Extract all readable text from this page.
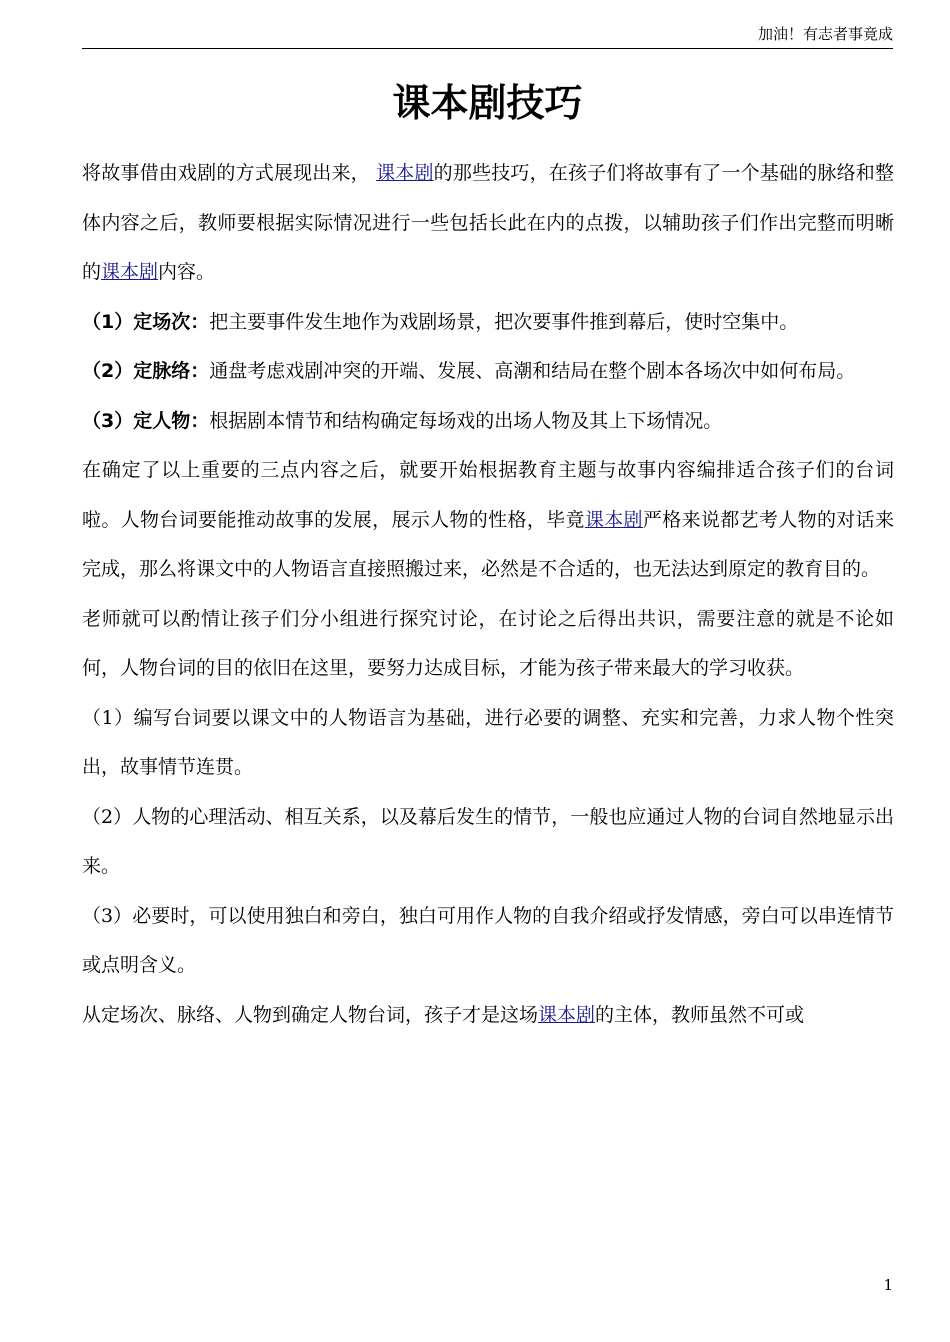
加油！有志者事竟成
课本剧技巧

将故事借由戏剧的方式展现出来， 课本剧的那些技巧，在孩子们将故事有了一个基础的脉络和整体内容之后，教师要根据实际情况进行一些包括长此在内的点拨，以辅助孩子们作出完整而明晰的课本剧内容。

（1）定场次：把主要事件发生地作为戏剧场景，把次要事件推到幕后，使时空集中。

（2）定脉络：通盘考虑戏剧冲突的开端、发展、高潮和结局在整个剧本各场次中如何布局。

（3）定人物：根据剧本情节和结构确定每场戏的出场人物及其上下场情况。

在确定了以上重要的三点内容之后，就要开始根据教育主题与故事内容编排适合孩子们的台词啦。人物台词要能推动故事的发展，展示人物的性格，毕竟课本剧严格来说都艺考人物的对话来完成，那么将课文中的人物语言直接照搬过来，必然是不合适的，也无法达到原定的教育目的。

老师就可以酌情让孩子们分小组进行探究讨论，在讨论之后得出共识，需要注意的就是不论如何，人物台词的目的依旧在这里，要努力达成目标，才能为孩子带来最大的学习收获。

（1）编写台词要以课文中的人物语言为基础，进行必要的调整、充实和完善，力求人物个性突出，故事情节连贯。

（2）人物的心理活动、相互关系，以及幕后发生的情节，一般也应通过人物的台词自然地显示出来。

（3）必要时，可以使用独白和旁白，独白可用作人物的自我介绍或抒发情感，旁白可以串连情节或点明含义。

从定场次、脉络、人物到确定人物台词，孩子才是这场课本剧的主体，教师虽然不可或

1
